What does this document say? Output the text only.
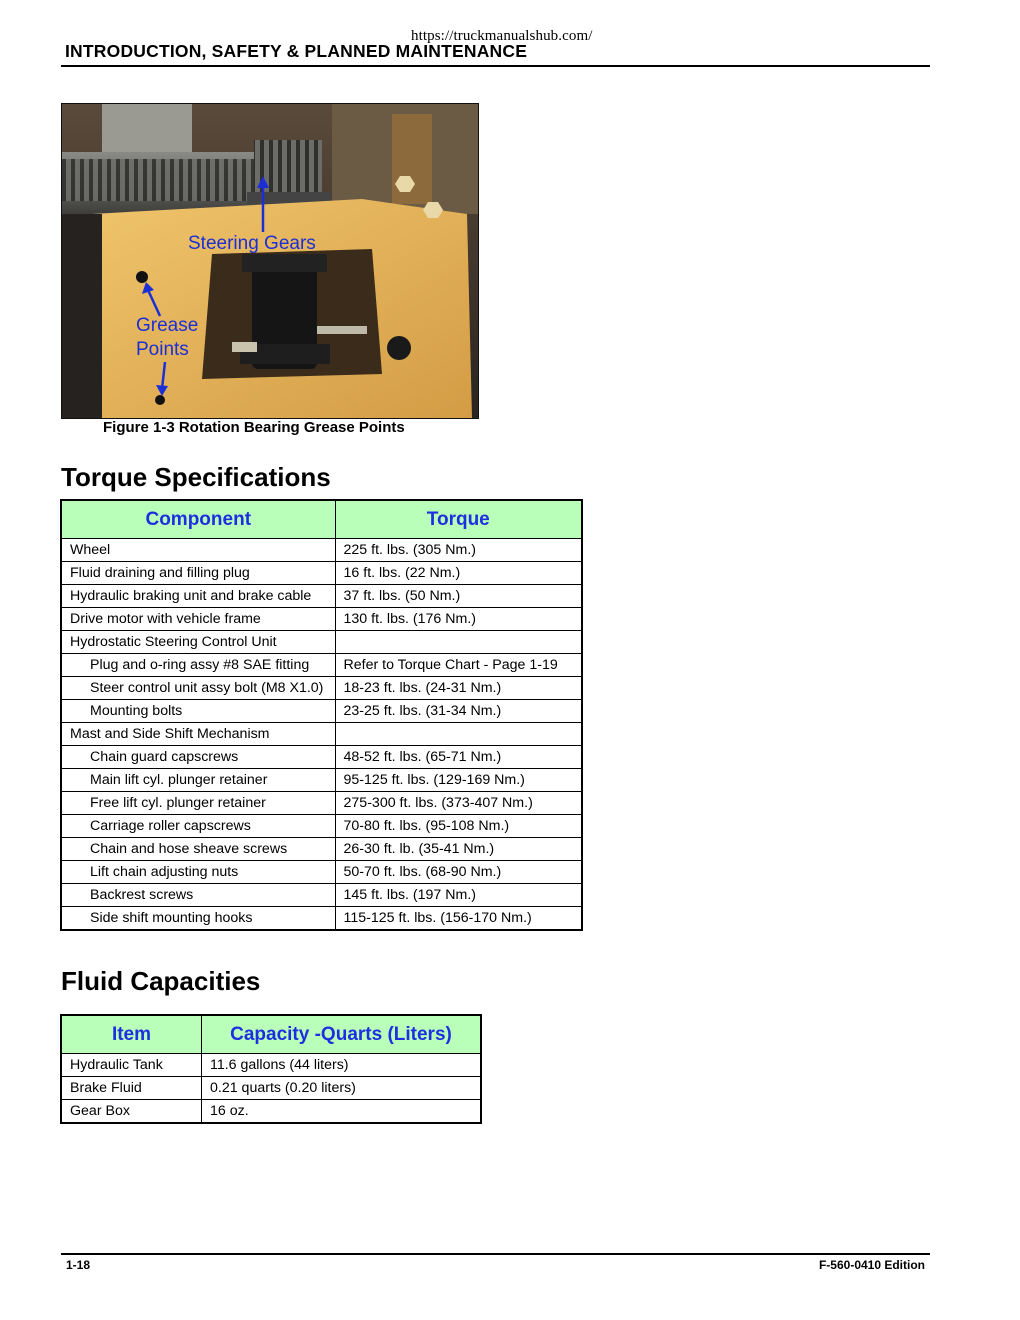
https://truckmanualshub.com/
INTRODUCTION, SAFETY & PLANNED MAINTENANCE
Steering Gears
Grease
Points
Figure 1-3 Rotation Bearing Grease Points
Torque Specifications
Component	Torque
Wheel	225 ft. lbs. (305 Nm.)
Fluid draining and filling plug	16 ft. lbs. (22 Nm.)
Hydraulic braking unit and brake cable	37 ft. lbs. (50 Nm.)
Drive motor with vehicle frame	130 ft. lbs. (176 Nm.)
Hydrostatic Steering Control Unit	
Plug and o-ring assy #8 SAE fitting	Refer to Torque Chart - Page 1-19
Steer control unit assy bolt (M8 X1.0)	18-23 ft. lbs. (24-31 Nm.)
Mounting bolts	23-25 ft. lbs. (31-34 Nm.)
Mast and Side Shift Mechanism	
Chain guard capscrews	48-52 ft. lbs. (65-71 Nm.)
Main lift cyl. plunger retainer	95-125 ft. lbs. (129-169 Nm.)
Free lift cyl. plunger retainer	275-300 ft. lbs. (373-407 Nm.)
Carriage roller capscrews	70-80 ft. lbs. (95-108 Nm.)
Chain and hose sheave screws	26-30 ft. lb. (35-41 Nm.)
Lift chain adjusting nuts	50-70 ft. lbs. (68-90 Nm.)
Backrest screws	145 ft. lbs. (197 Nm.)
Side shift mounting hooks	115-125 ft. lbs. (156-170 Nm.)
Fluid Capacities
Item	Capacity -Quarts (Liters)
Hydraulic Tank	11.6 gallons (44 liters)
Brake Fluid	0.21 quarts (0.20 liters)
Gear Box	16 oz.
1-18	F-560-0410 Edition
